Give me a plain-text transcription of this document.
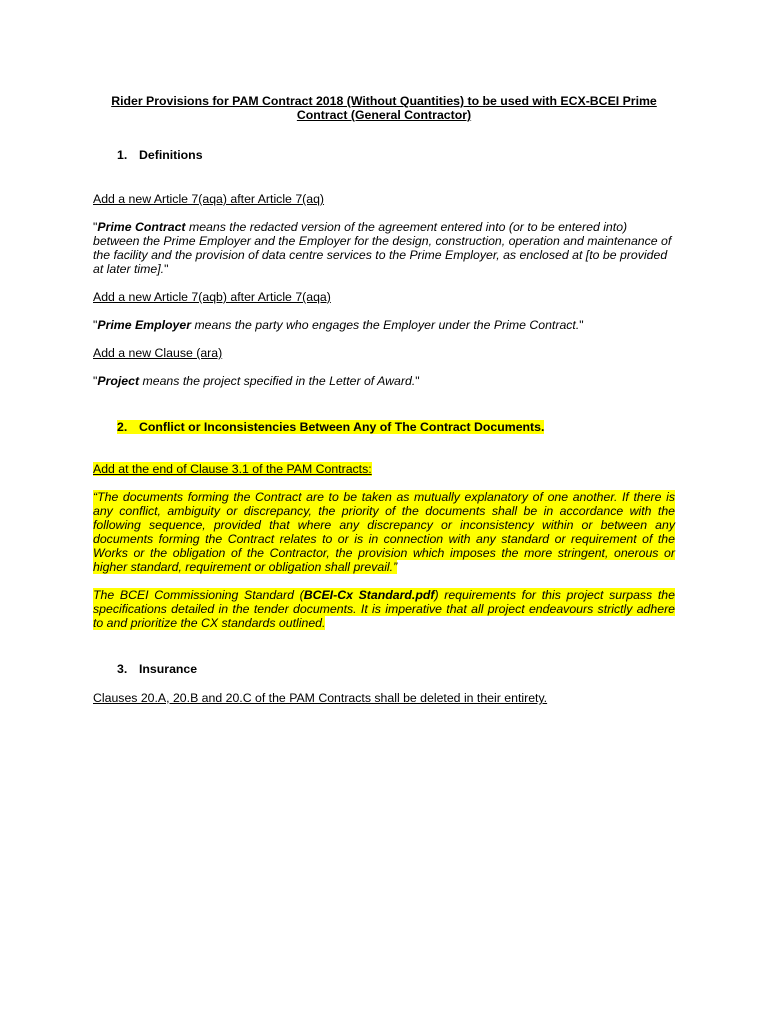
Rider Provisions for PAM Contract 2018 (Without Quantities) to be used with ECX-BCEI Prime Contract (General Contractor)
1. Definitions
Add a new Article 7(aqa) after Article 7(aq)
"Prime Contract means the redacted version of the agreement entered into (or to be entered into) between the Prime Employer and the Employer for the design, construction, operation and maintenance of the facility and the provision of data centre services to the Prime Employer, as enclosed at [to be provided at later time]."
Add a new Article 7(aqb) after Article 7(aqa)
"Prime Employer means the party who engages the Employer under the Prime Contract."
Add a new Clause (ara)
"Project means the project specified in the Letter of Award."
2. Conflict or Inconsistencies Between Any of The Contract Documents.
Add at the end of Clause 3.1 of the PAM Contracts:
“The documents forming the Contract are to be taken as mutually explanatory of one another. If there is any conflict, ambiguity or discrepancy, the priority of the documents shall be in accordance with the following sequence, provided that where any discrepancy or inconsistency within or between any documents forming the Contract relates to or is in connection with any standard or requirement of the Works or the obligation of the Contractor, the provision which imposes the more stringent, onerous or higher standard, requirement or obligation shall prevail.”
The BCEI Commissioning Standard (BCEI-Cx Standard.pdf) requirements for this project surpass the specifications detailed in the tender documents. It is imperative that all project endeavours strictly adhere to and prioritize the CX standards outlined.
3. Insurance
Clauses 20.A, 20.B and 20.C of the PAM Contracts shall be deleted in their entirety.
